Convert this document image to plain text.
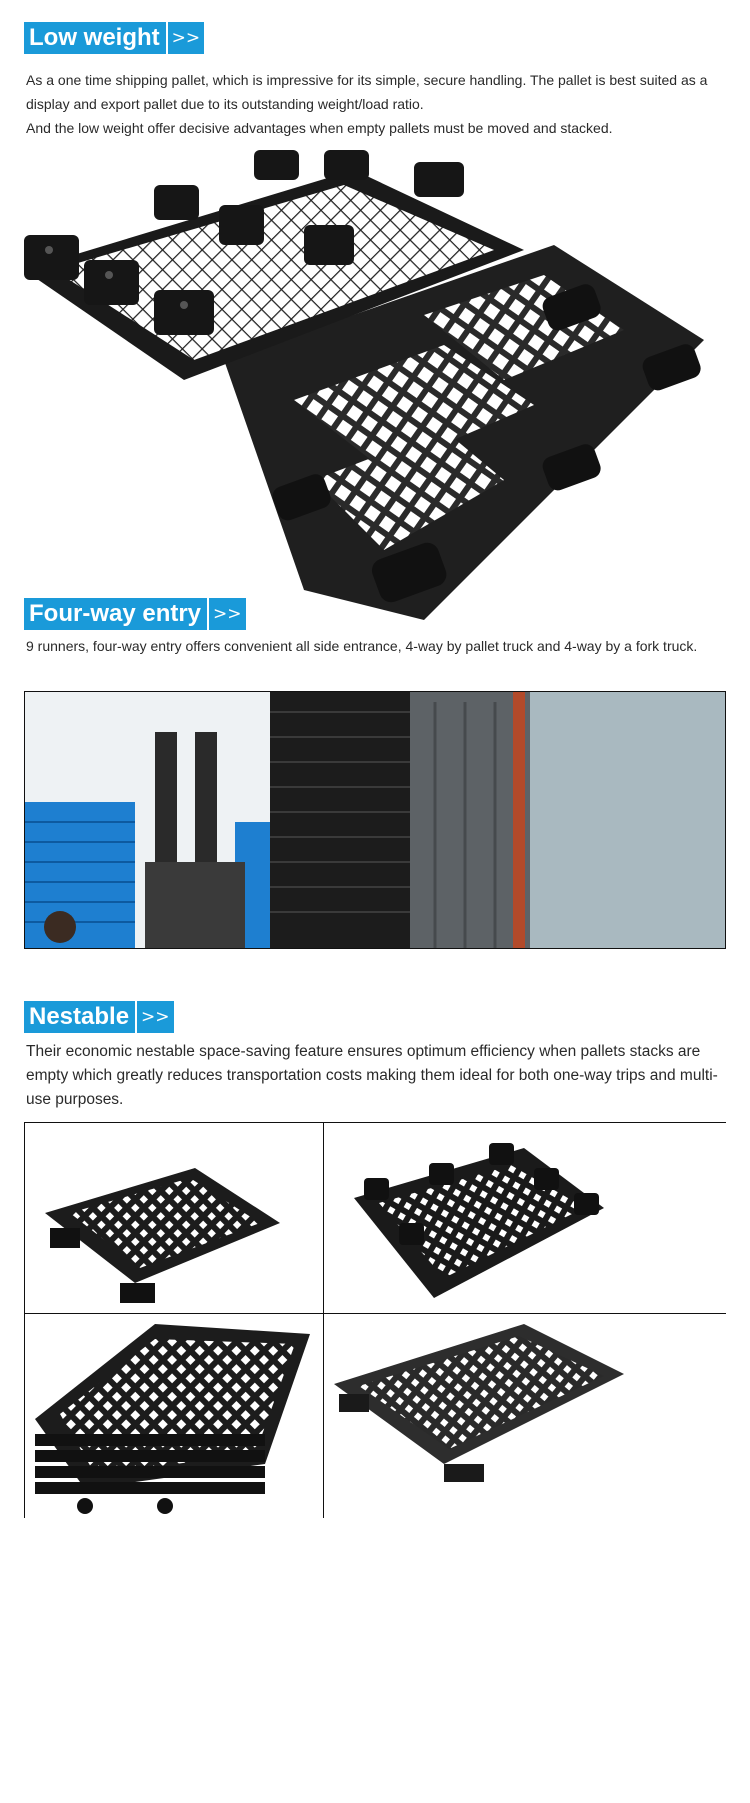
Low weight >>

As a one time shipping pallet, which is impressive for its simple, secure handling. The pallet is best suited as a display and export pallet due to its outstanding weight/load ratio.

And the low weight offer decisive advantages when empty pallets must be moved and stacked.

Four-way entry >>

9 runners, four-way entry offers convenient all side entrance, 4-way by pallet truck and 4-way by a fork truck.

Nestable >>

Their economic nestable space-saving feature ensures optimum efficiency when pallets stacks are empty which greatly reduces transportation costs making them ideal for both one-way trips and multi-use purposes.
